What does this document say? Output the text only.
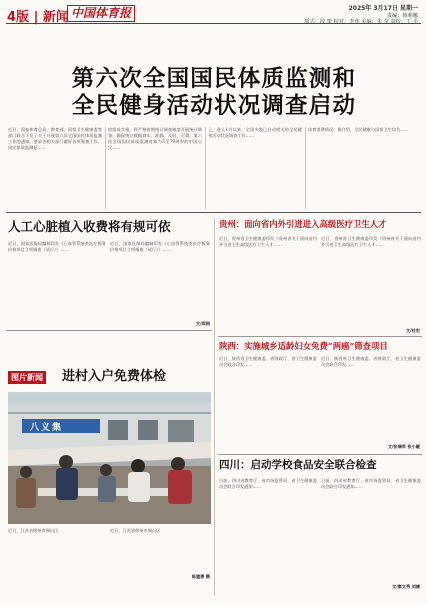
4版 | 新闻 中国体育报	2025年 3月17日 星期一
责编：韩莉娜
版式：段 蕾 校对：李莲 美编：朱 莹 责校：丁 平
第六次全国国民体质监测和
全民健身活动状况调查启动
近日，国家体育总局、教育部、国家卫生健康委等部门联合下发了关于开展第六次全国国民体质监测工作的通知，要求各相关部门做好各项筹备工作。国民体质监测是……
的组成实施，样严格按照统计调查制度开展统计调查，确保统计数据真实、准确、及时、可靠。第六次全国国民体质监测对象为3至79周岁的中国公民……
上，进入1月以来，全国多地已启动相关的全民健身活动状况调查工作……
体育消费情况。据介绍，全民健康与国家卫生综合……
人工心脏植入收费将有规可依
近日，国家医保局编制印发《心血管系统类医疗服务价格项目立项指南（试行）》……
近日，国家医保局编制印发《心血管系统类医疗服务价格项目立项指南（试行）》……
文/郑丽
图片新闻 进村入户免费体检
八义集
近日，江苏省徐州市铜山区	近日，江苏省徐州市铜山区
陈建勇 摄
贵州：面向省内外引进进入高级医疗卫生人才
近日，贵州省卫生健康委印发《贵州省关于面向省内外引进卫生高级医疗卫生人才……
近日，贵州省卫生健康委印发《贵州省关于面向省内外引进卫生高级医疗卫生人才……
文/杜宏
陕西：实施城乡适龄妇女免费“两癌”筛查项目
近日，陕西省卫生健康委、省财政厅、省卫生健康委员会联合印发……
近日，陕西省卫生健康委、省财政厅、省卫生健康委员会联合印发……
文/张瑞军 张小暖
四川：启动学校食品安全联合检查
日前，四川省教育厅、省市场监管局、省卫生健康委员会联合印发通知……
日前，四川省教育厅、省市场监管局、省卫生健康委员会联合印发通知……
文/秦文秀 刘倩
